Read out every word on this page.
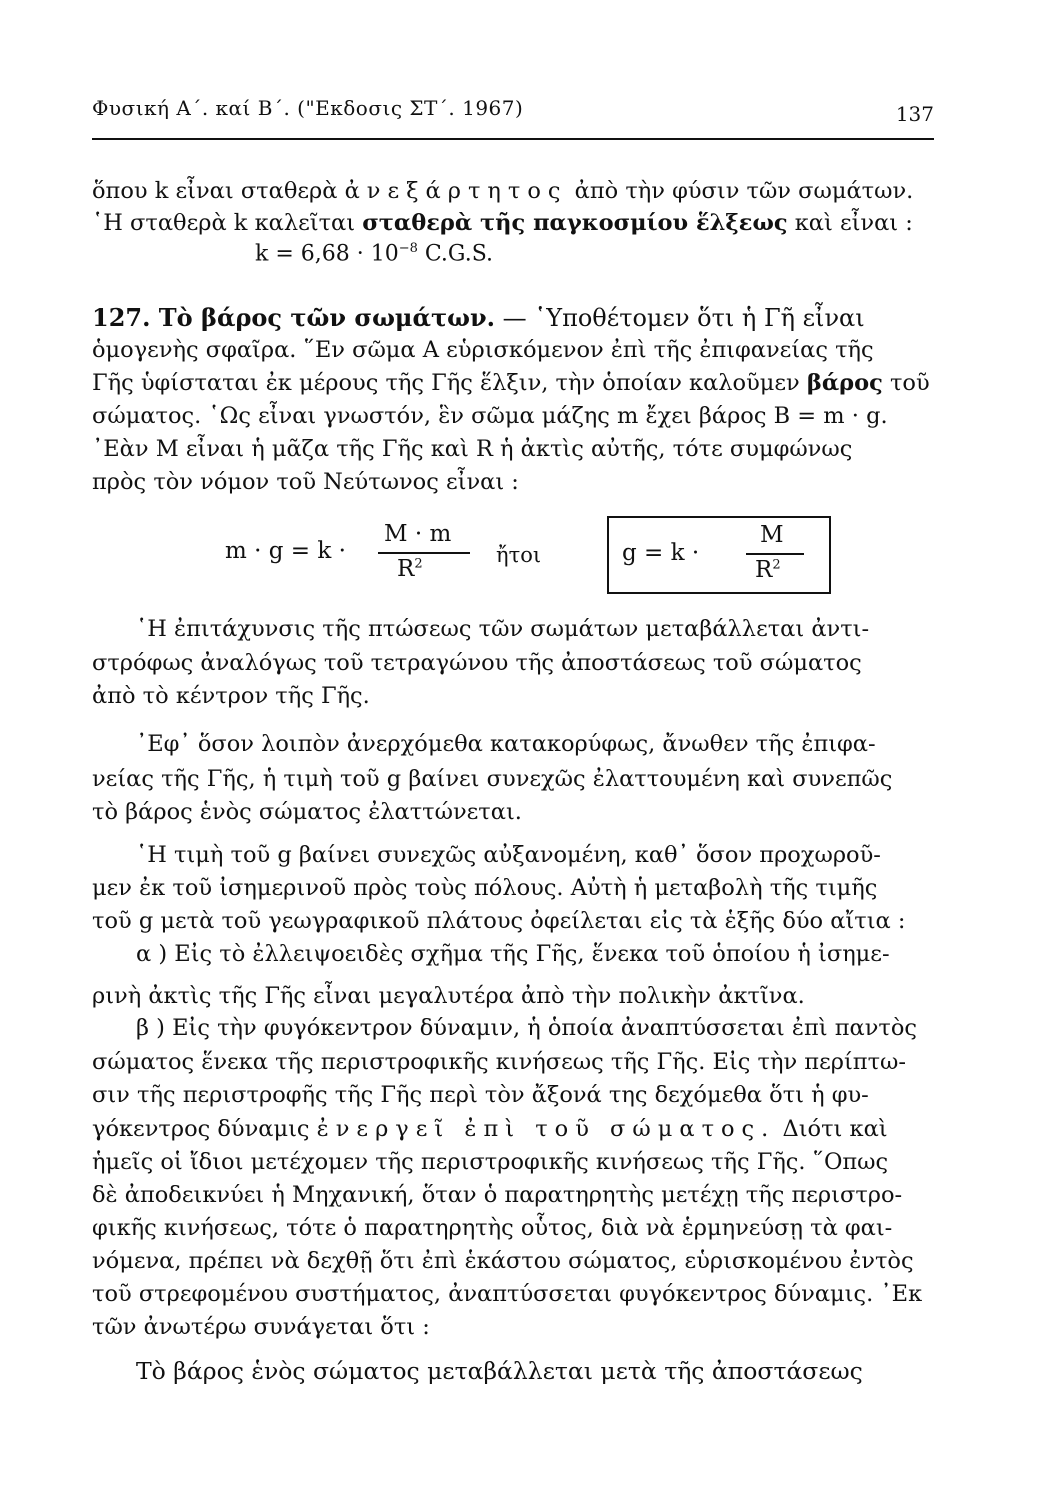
Φυσική Α΄. καί Β΄. ("Εκδοσις ΣΤ΄. 1967)	137
ὅπου k εἶναι σταθερὰ ἀνεξάρτητος ἀπὸ τὴν φύσιν τῶν σωμάτων.
῾Η σταθερὰ k καλεῖται σταθερὰ τῆς παγκοσμίου ἕλξεως καὶ εἶναι :
$k = 6,68 \cdot 10^{-8}$ C.G.S.
127. Τὸ βάρος τῶν σωμάτων. — ῾Υποθέτομεν ὅτι ἡ Γῆ εἶναι
ὁμογενὴς σφαῖρα. ῞Εν σῶμα Α εὑρισκόμενον ἐπὶ τῆς ἐπιφανείας τῆς
Γῆς ὑφίσταται ἐκ μέρους τῆς Γῆς ἕλξιν, τὴν ὁποίαν καλοῦμεν βάρος τοῦ
σώματος. ῾Ως εἶναι γνωστόν, ἓν σῶμα μάζης m ἔχει βάρος B = m · g.
᾿Εὰν Μ εἶναι ἡ μᾶζα τῆς Γῆς καὶ R ἡ ἀκτὶς αὐτῆς, τότε συμφώνως
πρὸς τὸν νόμον τοῦ Νεύτωνος εἶναι :
m · g = k ·
M · m
$R^2$	ἤτοι	g = k ·
M
$R^2$
῾Η ἐπιτάχυνσις τῆς πτώσεως τῶν σωμάτων μεταβάλλεται ἀντι-
στρόφως ἀναλόγως τοῦ τετραγώνου τῆς ἀποστάσεως τοῦ σώματος
ἀπὸ τὸ κέντρον τῆς Γῆς.
᾿Εφ᾿ ὅσον λοιπὸν ἀνερχόμεθα κατακορύφως, ἄνωθεν τῆς ἐπιφα-
νείας τῆς Γῆς, ἡ τιμὴ τοῦ g βαίνει συνεχῶς ἐλαττουμένη καὶ συνεπῶς
τὸ βάρος ἑνὸς σώματος ἐλαττώνεται.
῾Η τιμὴ τοῦ g βαίνει συνεχῶς αὐξανομένη, καθ᾿ ὅσον προχωροῦ-
μεν ἐκ τοῦ ἰσημερινοῦ πρὸς τοὺς πόλους. Αὐτὴ ἡ μεταβολὴ τῆς τιμῆς
τοῦ g μετὰ τοῦ γεωγραφικοῦ πλάτους ὀφείλεται εἰς τὰ ἑξῆς δύο αἴτια :
α ) Εἰς τὸ ἐλλειψοειδὲς σχῆμα τῆς Γῆς, ἕνεκα τοῦ ὁποίου ἡ ἰσημε-
ρινὴ ἀκτὶς τῆς Γῆς εἶναι μεγαλυτέρα ἀπὸ τὴν πολικὴν ἀκτῖνα.
β ) Εἰς τὴν φυγόκεντρον δύναμιν, ἡ ὁποία ἀναπτύσσεται ἐπὶ παντὸς
σώματος ἕνεκα τῆς περιστροφικῆς κινήσεως τῆς Γῆς. Εἰς τὴν περίπτω-
σιν τῆς περιστροφῆς τῆς Γῆς περὶ τὸν ἄξονά της δεχόμεθα ὅτι ἡ φυ-
γόκεντρος δύναμις ἐνεργεῖ ἐπὶ τοῦ σώματος. Διότι καὶ
ἡμεῖς οἱ ἴδιοι μετέχομεν τῆς περιστροφικῆς κινήσεως τῆς Γῆς. ῞Οπως
δὲ ἀποδεικνύει ἡ Μηχανική, ὅταν ὁ παρατηρητὴς μετέχῃ τῆς περιστρο-
φικῆς κινήσεως, τότε ὁ παρατηρητὴς οὗτος, διὰ νὰ ἑρμηνεύσῃ τὰ φαι-
νόμενα, πρέπει νὰ δεχθῇ ὅτι ἐπὶ ἑκάστου σώματος, εὑρισκομένου ἐντὸς
τοῦ στρεφομένου συστήματος, ἀναπτύσσεται φυγόκεντρος δύναμις. ᾿Εκ
τῶν ἀνωτέρω συνάγεται ὅτι :
Τὸ βάρος ἑνὸς σώματος μεταβάλλεται μετὰ τῆς ἀποστάσεως
